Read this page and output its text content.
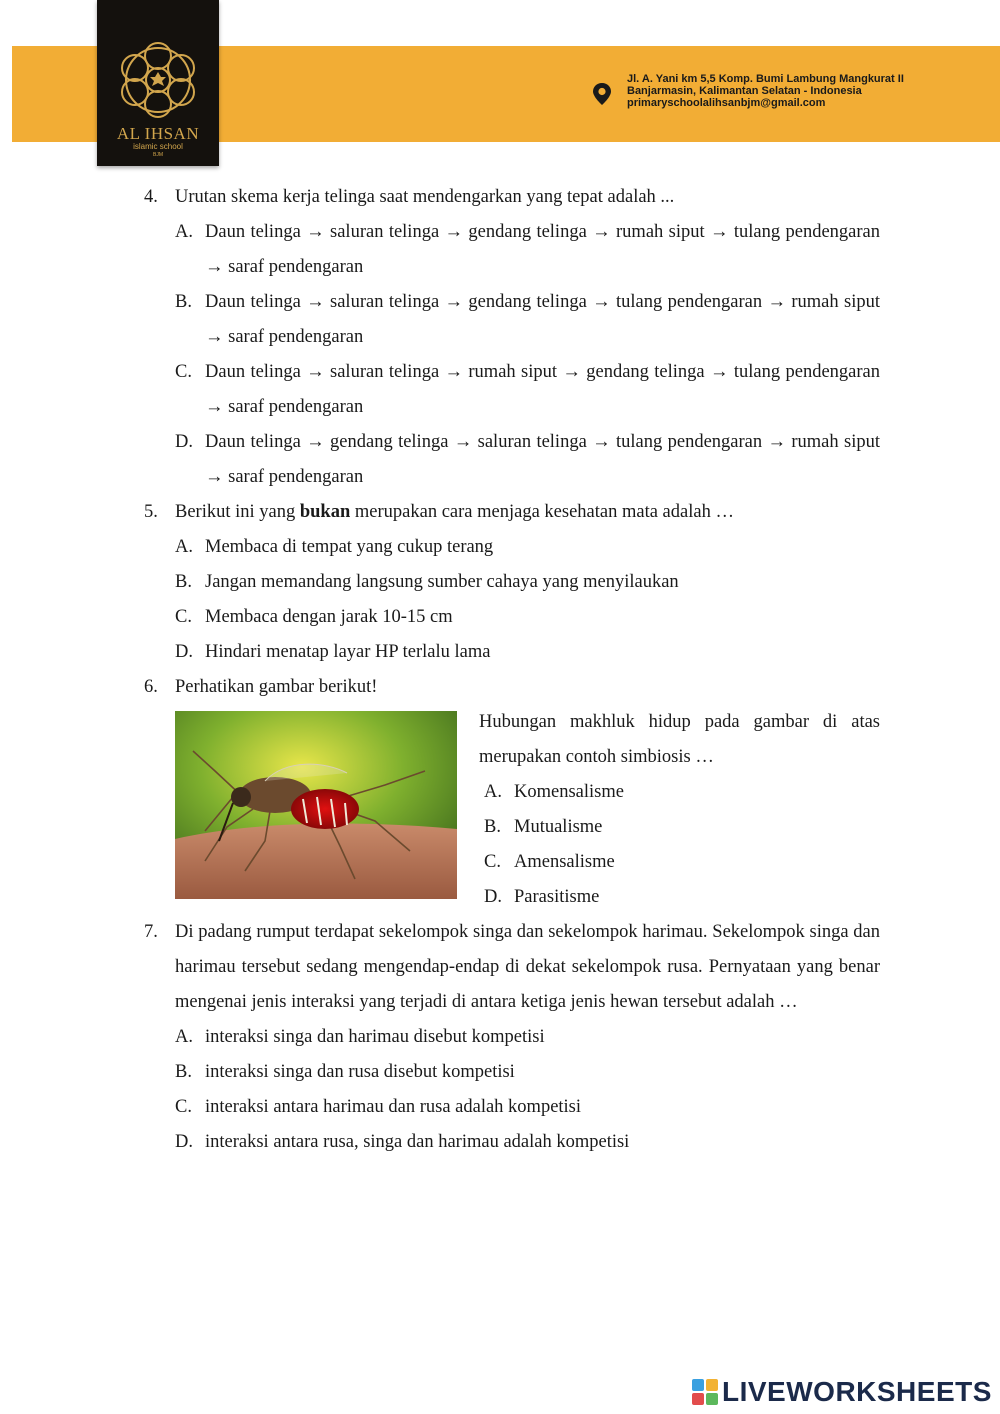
AL IHSAN
islamic school
BJM
Jl. A. Yani km 5,5 Komp. Bumi Lambung Mangkurat II
Banjarmasin, Kalimantan Selatan - Indonesia
primaryschoolalihsanbjm@gmail.com
4. Urutan skema kerja telinga saat mendengarkan yang tepat adalah ...
A. Daun telinga → saluran telinga → gendang telinga → rumah siput → tulang pendengaran → saraf pendengaran
B. Daun telinga → saluran telinga → gendang telinga → tulang pendengaran → rumah siput → saraf pendengaran
C. Daun telinga → saluran telinga → rumah siput → gendang telinga → tulang pendengaran → saraf pendengaran
D. Daun telinga → gendang telinga → saluran telinga → tulang pendengaran → rumah siput → saraf pendengaran
5. Berikut ini yang bukan merupakan cara menjaga kesehatan mata adalah …
A. Membaca di tempat yang cukup terang
B. Jangan memandang langsung sumber cahaya yang menyilaukan
C. Membaca dengan jarak 10-15 cm
D. Hindari menatap layar HP terlalu lama
6. Perhatikan gambar berikut!
Hubungan makhluk hidup pada gambar di atas merupakan contoh simbiosis …
A. Komensalisme
B. Mutualisme
C. Amensalisme
D. Parasitisme
7. Di padang rumput terdapat sekelompok singa dan sekelompok harimau. Sekelompok singa dan harimau tersebut sedang mengendap-endap di dekat sekelompok rusa. Pernyataan yang benar mengenai jenis interaksi yang terjadi di antara ketiga jenis hewan tersebut adalah …
A. interaksi singa dan harimau disebut kompetisi
B. interaksi singa dan rusa disebut kompetisi
C. interaksi antara harimau dan rusa adalah kompetisi
D. interaksi antara rusa, singa dan harimau adalah kompetisi
LIVEWORKSHEETS
